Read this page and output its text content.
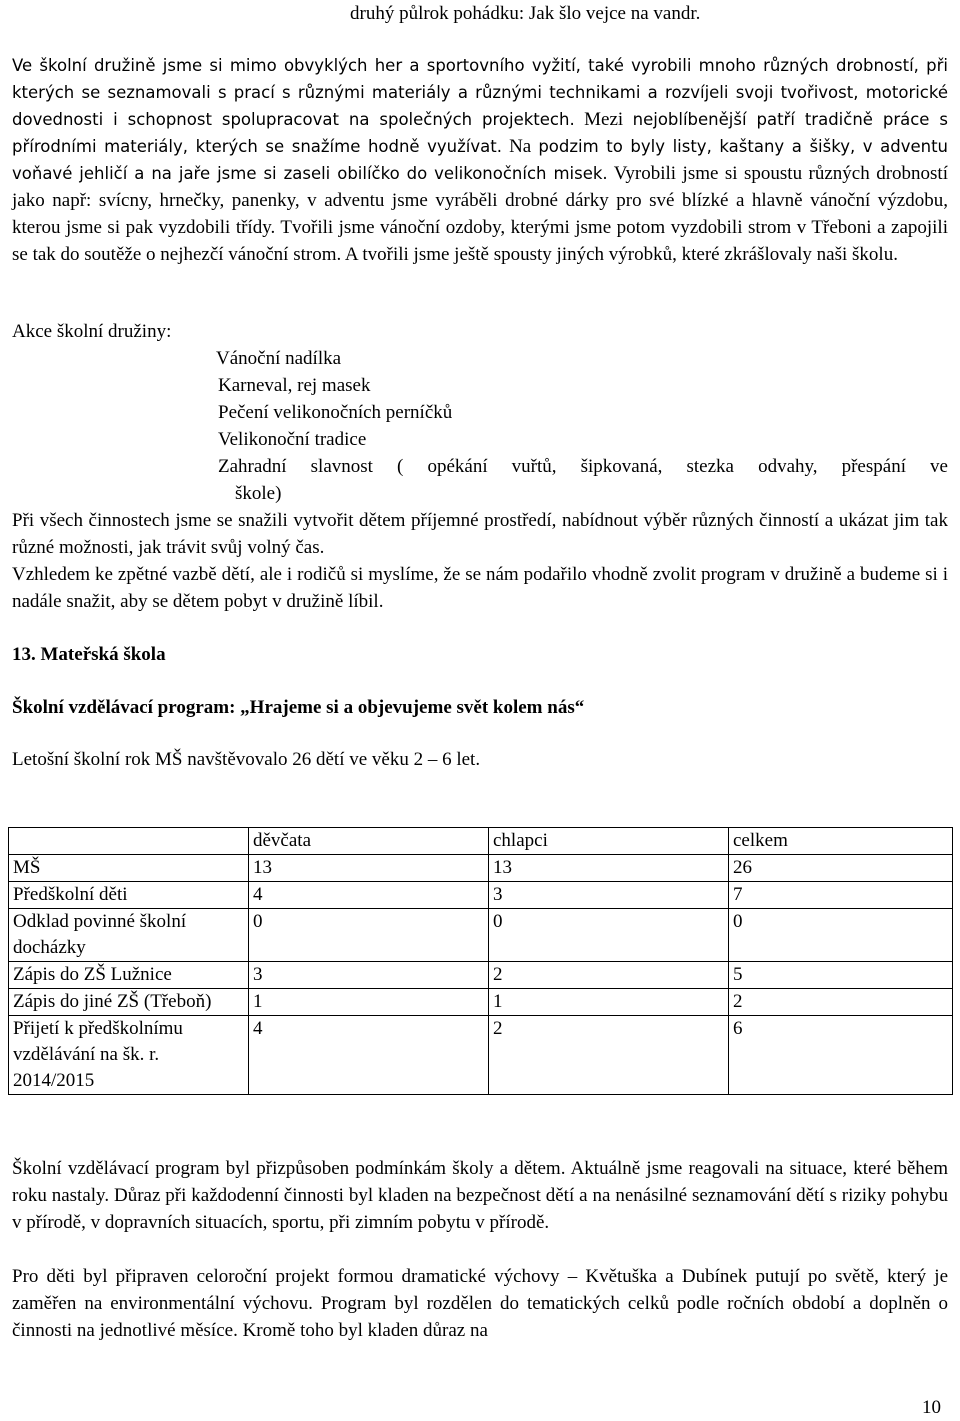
druhý půlrok pohádku: Jak šlo vejce na vandr.

Ve školní družině jsme si mimo obvyklých her a sportovního vyžití, také vyrobili mnoho různých drobností, při kterých se seznamovali s prací s různými materiály a různými technikami a rozvíjeli svoji tvořivost, motorické dovednosti i schopnost spolupracovat na společných projektech. Mezi nejoblíbenější patří tradičně práce s přírodními materiály, kterých se snažíme hodně využívat. Na podzim to byly listy, kaštany a šišky, v adventu voňavé jehličí a na jaře jsme si zaseli obilíčko do velikonočních misek. Vyrobili jsme si spoustu různých drobností jako např: svícny, hrnečky, panenky, v adventu jsme vyráběli drobné dárky pro své blízké a hlavně vánoční výzdobu, kterou jsme si pak vyzdobili třídy. Tvořili jsme vánoční ozdoby, kterými jsme potom vyzdobili strom v Třeboni a zapojili se tak do soutěže o nejhezčí vánoční strom. A tvořili jsme ještě spousty jiných výrobků, které zkrášlovaly naši školu.

Akce školní družiny:

Vánoční nadílka
Karneval, rej masek
Pečení velikonočních perníčků
Velikonoční tradice
Zahradní slavnost ( opékání vuřtů, šipkovaná, stezka odvahy, přespání ve
škole)

Při všech činnostech jsme se snažili vytvořit dětem příjemné prostředí, nabídnout výběr různých činností a ukázat jim tak různé možnosti, jak trávit svůj volný čas.

Vzhledem ke zpětné vazbě dětí, ale i rodičů si myslíme, že se nám podařilo vhodně zvolit program v družině a budeme si i nadále snažit, aby se dětem pobyt v družině líbil.

13. Mateřská škola

Školní vzdělávací program: „Hrajeme si a objevujeme svět kolem nás“

Letošní školní rok MŠ navštěvovalo 26 dětí ve věku 2 – 6 let.

	děvčata	chlapci	celkem
MŠ	13	13	26
Předškolní děti	4	3	7
Odklad povinné školní docházky	0	0	0
Zápis do ZŠ Lužnice	3	2	5
Zápis do jiné ZŠ (Třeboň)	1	1	2
Přijetí k předškolnímu vzdělávání na šk. r. 2014/2015	4	2	6

Školní vzdělávací program byl přizpůsoben podmínkám školy a dětem. Aktuálně jsme reagovali na situace, které během roku nastaly. Důraz při každodenní činnosti byl kladen na bezpečnost dětí a na nenásilné seznamování dětí s riziky pohybu v přírodě, v dopravních situacích, sportu, při zimním pobytu v přírodě.

Pro děti byl připraven celoroční projekt formou dramatické výchovy – Květuška a Dubínek putují po světě, který je zaměřen na environmentální výchovu. Program byl rozdělen do tematických celků podle ročních období a doplněn o činnosti na jednotlivé měsíce. Kromě toho byl kladen důraz na

10
